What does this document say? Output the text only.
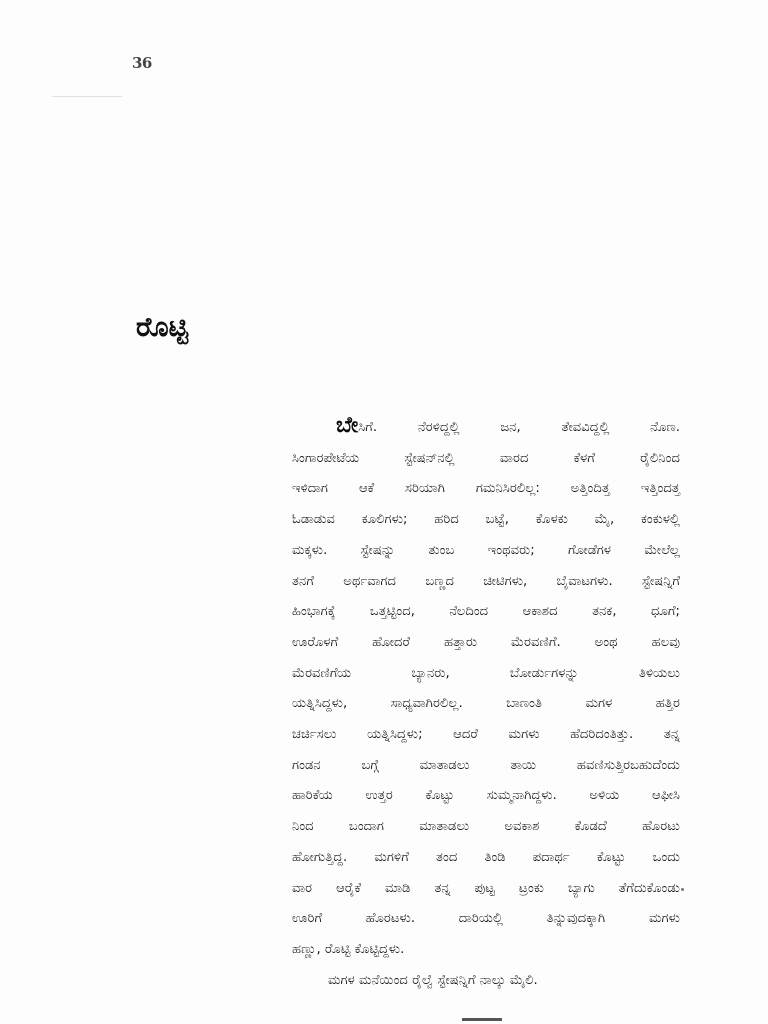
36
ರೊಟ್ಟಿ

ಬೇಸಿಗೆ. ನೆರಳಿದ್ದಲ್ಲಿ ಜನ, ತೇವವಿದ್ದಲ್ಲಿ ನೊಣ.

ಸಿಂಗಾರಪೇಟೆಯ ಸ್ಟೇಷನ್‌ನಲ್ಲಿ ವಾರದ ಕೆಳಗೆ ರೈಲಿನಿಂದ

ಇಳಿದಾಗ ಆಕೆ ಸರಿಯಾಗಿ ಗಮನಿಸಿರಲಿಲ್ಲ: ಅತ್ತಿಂದಿತ್ತ ಇತ್ತಿಂದತ್ತ

ಓಡಾಡುವ ಕೂಲಿಗಳು; ಹರಿದ ಬಟ್ಟೆ, ಕೊಳಕು ಮೈ, ಕಂಕುಳಲ್ಲಿ

ಮಕ್ಕಳು. ಸ್ಟೇಷನ್ನು ತುಂಬ ಇಂಥವರು; ಗೋಡೆಗಳ ಮೇಲೆಲ್ಲ

ತನಗೆ ಅರ್ಥವಾಗದ ಬಣ್ಣದ ಚೀಟಿಗಳು, ಬೈವಾಟಗಳು. ಸ್ಟೇಷನ್ನಿಗೆ

ಹಿಂಭಾಗಕ್ಕೆ ಒತ್ತಟ್ಟಿಂದ, ನೆಲದಿಂದ ಆಕಾಶದ ತನಕ, ಧೂಗೆ;

ಊರೊಳಗೆ ಹೋದರೆ ಹತ್ತಾರು ಮೆರವಣಿಗೆ. ಅಂಥ ಹಲವು

ಮೆರವಣಿಗೆಯ ಬ್ಯಾನರು, ಬೋರ್ಡುಗಳನ್ನು ತಿಳಿಯಲು

ಯತ್ನಿಸಿದ್ದಳು, ಸಾಧ್ಯವಾಗಿರಲಿಲ್ಲ. ಬಾಣಂತಿ ಮಗಳ ಹತ್ತಿರ

ಚರ್ಚಿಸಲು ಯತ್ನಿಸಿದ್ದಳು; ಆದರೆ ಮಗಳು ಹೆದರಿದಂತಿತ್ತು. ತನ್ನ

ಗಂಡನ ಬಗ್ಗೆ ಮಾತಾಡಲು ತಾಯಿ ಹವಣಿಸುತ್ತಿರಬಹುದೆಂದು

ಹಾರಿಕೆಯ ಉತ್ತರ ಕೊಟ್ಟು ಸುಮ್ಮನಾಗಿದ್ದಳು. ಅಳಿಯ ಆಫೀಸಿ

ನಿಂದ ಬಂದಾಗ ಮಾತಾಡಲು ಅವಕಾಶ ಕೊಡದೆ ಹೊರಟು

ಹೋಗುತ್ತಿದ್ದ. ಮಗಳಿಗೆ ತಂದ ತಿಂಡಿ ಪದಾರ್ಥ ಕೊಟ್ಟು ಒಂದು

ವಾರ ಆರೈಕೆ ಮಾಡಿ ತನ್ನ ಪುಟ್ಟ ಟ್ರಂಕು ಬ್ಯಾಗು ತೆಗೆದುಕೊಂಡು

ಊರಿಗೆ ಹೊರಟಳು. ದಾರಿಯಲ್ಲಿ ತಿನ್ನುವುದಕ್ಕಾಗಿ ಮಗಳು

ಹಣ್ಣು, ರೊಟ್ಟಿ ಕೊಟ್ಟಿದ್ದಳು.

ಮಗಳ ಮನೆಯಿಂದ ರೈಲ್ವೆ ಸ್ಟೇಷನ್ನಿಗೆ ನಾಲ್ಕು ಮೈಲಿ.
